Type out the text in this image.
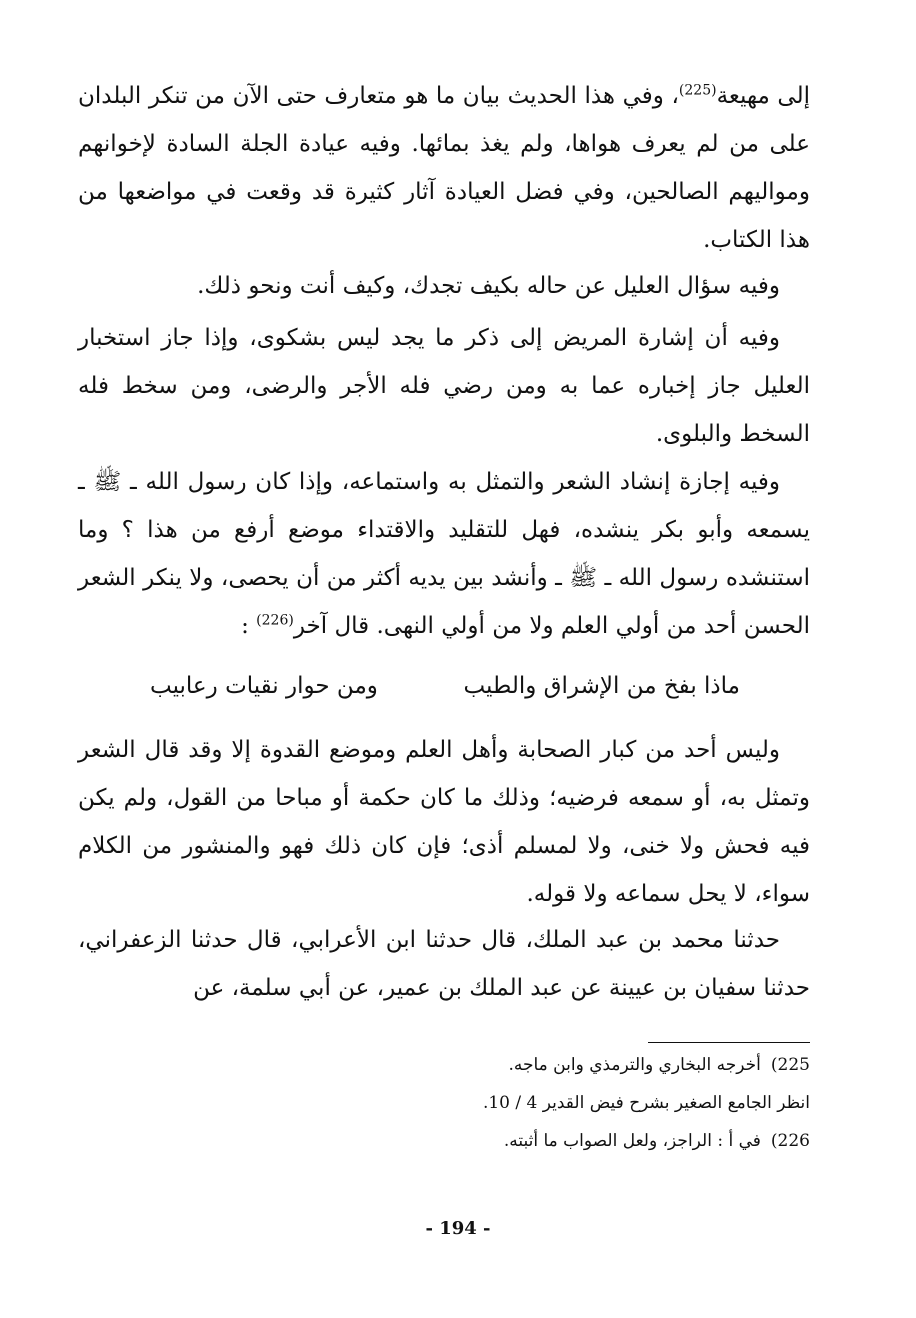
إلى مهيعة$^{(225)}$، وفي هذا الحديث بيان ما هو متعارف حتى الآن من تنكر البلدان على من لم يعرف هواها، ولم يغذ بمائها. وفيه عيادة الجلة السادة لإخوانهم ومواليهم الصالحين، وفي فضل العيادة آثار كثيرة قد وقعت في مواضعها من هذا الكتاب.

وفيه سؤال العليل عن حاله بكيف تجدك، وكيف أنت ونحو ذلك.

وفيه أن إشارة المريض إلى ذكر ما يجد ليس بشكوى، وإذا جاز استخبار العليل جاز إخباره عما به ومن رضي فله الأجر والرضى، ومن سخط فله السخط والبلوى.

وفيه إجازة إنشاد الشعر والتمثل به واستماعه، وإذا كان رسول الله ـ ﷺ ـ يسمعه وأبو بكر ينشده، فهل للتقليد والاقتداء موضع أرفع من هذا ؟ وما استنشده رسول الله ـ ﷺ ـ وأنشد بين يديه أكثر من أن يحصى، ولا ينكر الشعر الحسن أحد من أولي العلم ولا من أولي النهى. قال آخر$^{(226)}$ :

ماذا بفخ من الإشراق والطيب
ومن حوار نقيات رعابيب

وليس أحد من كبار الصحابة وأهل العلم وموضع القدوة إلا وقد قال الشعر وتمثل به، أو سمعه فرضيه؛ وذلك ما كان حكمة أو مباحا من القول، ولم يكن فيه فحش ولا خنى، ولا لمسلم أذى؛ فإن كان ذلك فهو والمنشور من الكلام سواء، لا يحل سماعه ولا قوله.

حدثنا محمد بن عبد الملك، قال حدثنا ابن الأعرابي، قال حدثنا الزعفراني، حدثنا سفيان بن عيينة عن عبد الملك بن عمير، عن أبي سلمة، عن

225)أخرجه البخاري والترمذي وابن ماجه.

انظر الجامع الصغير بشرح فيض القدير 4 / 10.

226)في أ : الراجز، ولعل الصواب ما أثبته.

- 194 -
